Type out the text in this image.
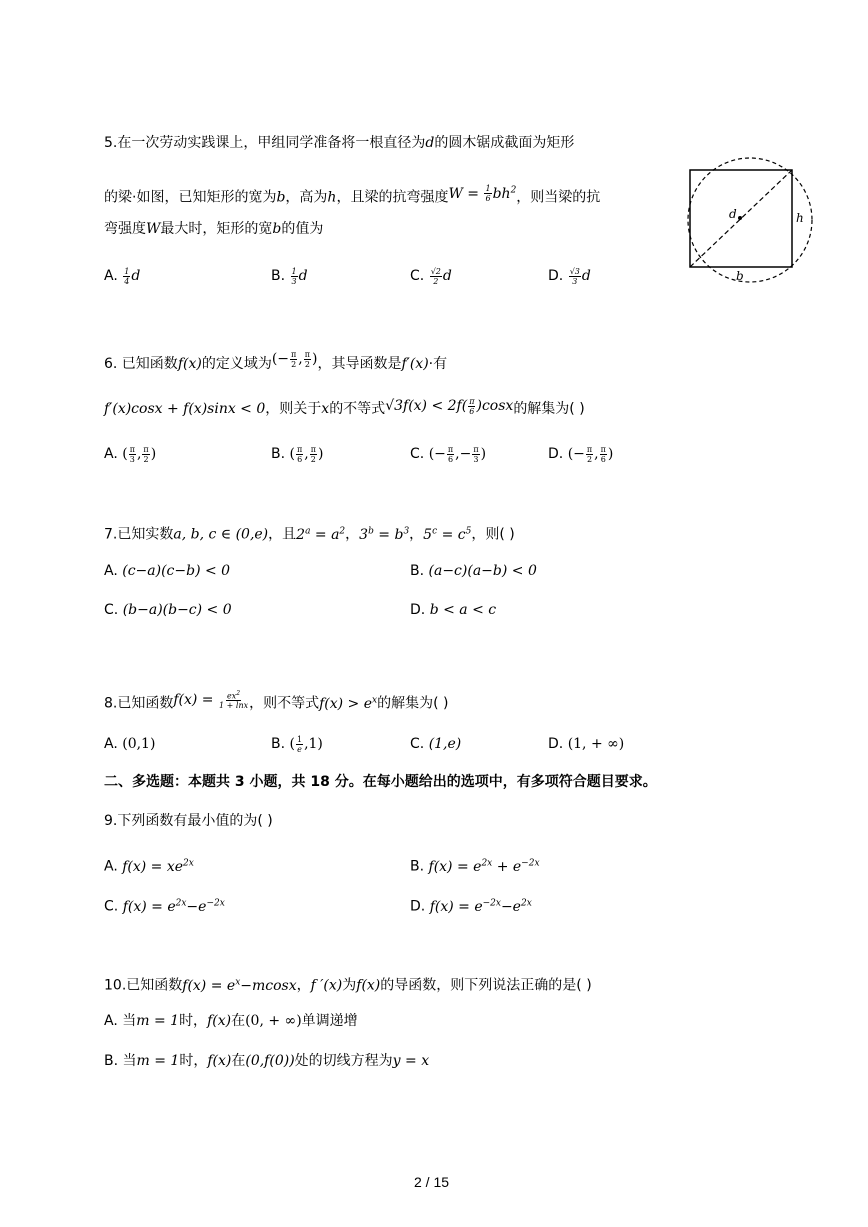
5.在一次劳动实践课上，甲组同学准备将一根直径为d的圆木锯成截面为矩形
的梁·如图，已知矩形的宽为b，高为h，且梁的抗弯强度$W = \frac{1}{6} bh^2$，则当梁的抗
弯强度W最大时，矩形的宽b的值为
A. $\frac{1}{4}$ d	B. $\frac{1}{3}$ d	C. $\frac{√2}{2}$ d	D. $\frac{√3}{3}$ d
d	h
b
6. 已知函数f(x)的定义域为(− $\frac{\pi}{2}$ , $\frac{\pi}{2}$ )，其导函数是f′(x)·有
f′(x)cosx + f(x)sinx < 0，则关于x的不等式$√3f(x) < 2f( \frac{\pi}{6} )\cos x$的解集为( )
A. ( $\frac{\pi}{3}$ , $\frac{\pi}{2}$ )	B. ( $\frac{\pi}{6}$ , $\frac{\pi}{2}$ )	C. (− $\frac{\pi}{6}$ ,− $\frac{\pi}{3}$ )	D. (− $\frac{\pi}{2}$ , $\frac{\pi}{6}$ )
7.已知实数a, b, c ∈ (0,e)，且$2^a = a^2$，$3^b = b^3$，$5^c = c^5$，则( )
A. (c−a)(c−b) < 0	B. (a−c)(a−b) < 0
C. (b−a)(b−c) < 0	D. b < a < c
8.已知函数$f(x) = \frac{ex^2}{1 + \ln x}$ ，则不等式$f(x) > e^x$的解集为( )
A. (0,1)	B. ( $\frac{1}{e} ,1$)	C. (1,e)	D. (1, + ∞)
二、多选题：本题共 3 小题，共 18 分。在每小题给出的选项中，有多项符合题目要求。
9.下列函数有最小值的为( )
A. $f(x) = xe^{2x}$	B. $f(x) = e^{2x} + e^{-2x}$
C. $f(x) = e^{2x}-e^{-2x}$	D. $f(x) = e^{-2x}-e^{2x}$
10.已知函数$f(x) = e^x-mcosx$，f ′(x)为f(x)的导函数，则下列说法正确的是( )
A. 当m = 1时，f(x)在(0, + ∞)单调递增
B. 当m = 1时，f(x)在(0,f(0))处的切线方程为y = x
2 / 15
